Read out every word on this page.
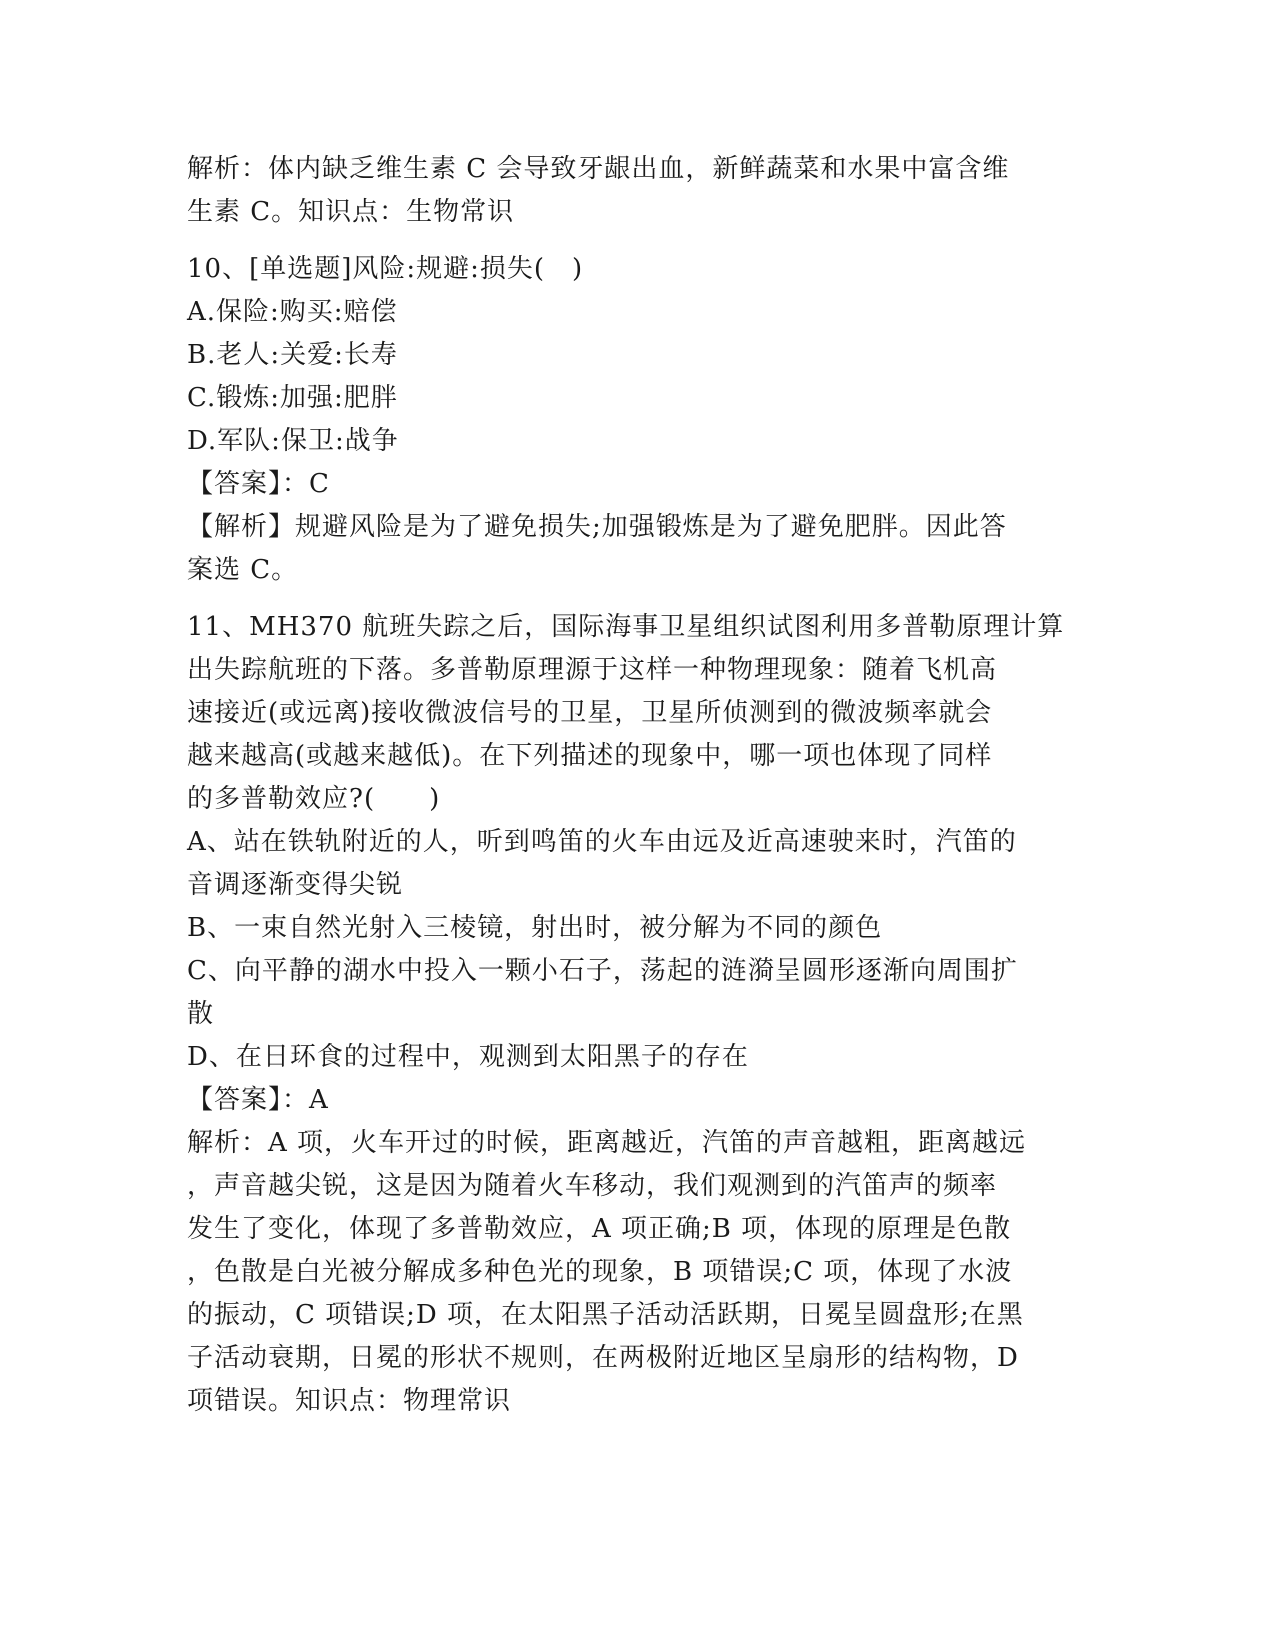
解析：体内缺乏维生素 C 会导致牙龈出血，新鲜蔬菜和水果中富含维
生素 C。知识点：生物常识
10、[单选题]风险:规避:损失(　)
A.保险:购买:赔偿
B.老人:关爱:长寿
C.锻炼:加强:肥胖
D.军队:保卫:战争
【答案】：C
【解析】规避风险是为了避免损失;加强锻炼是为了避免肥胖。因此答
案选 C。
11、MH370 航班失踪之后，国际海事卫星组织试图利用多普勒原理计算
出失踪航班的下落。多普勒原理源于这样一种物理现象：随着飞机高
速接近(或远离)接收微波信号的卫星，卫星所侦测到的微波频率就会
越来越高(或越来越低)。在下列描述的现象中，哪一项也体现了同样
的多普勒效应?(　　)
A、站在铁轨附近的人，听到鸣笛的火车由远及近高速驶来时，汽笛的
音调逐渐变得尖锐
B、一束自然光射入三棱镜，射出时，被分解为不同的颜色
C、向平静的湖水中投入一颗小石子，荡起的涟漪呈圆形逐渐向周围扩
散
D、在日环食的过程中，观测到太阳黑子的存在
【答案】：A
解析：A 项，火车开过的时候，距离越近，汽笛的声音越粗，距离越远
，声音越尖锐，这是因为随着火车移动，我们观测到的汽笛声的频率
发生了变化，体现了多普勒效应，A 项正确;B 项，体现的原理是色散
，色散是白光被分解成多种色光的现象，B 项错误;C 项，体现了水波
的振动，C 项错误;D 项，在太阳黑子活动活跃期，日冕呈圆盘形;在黑
子活动衰期，日冕的形状不规则，在两极附近地区呈扇形的结构物，D
项错误。知识点：物理常识
